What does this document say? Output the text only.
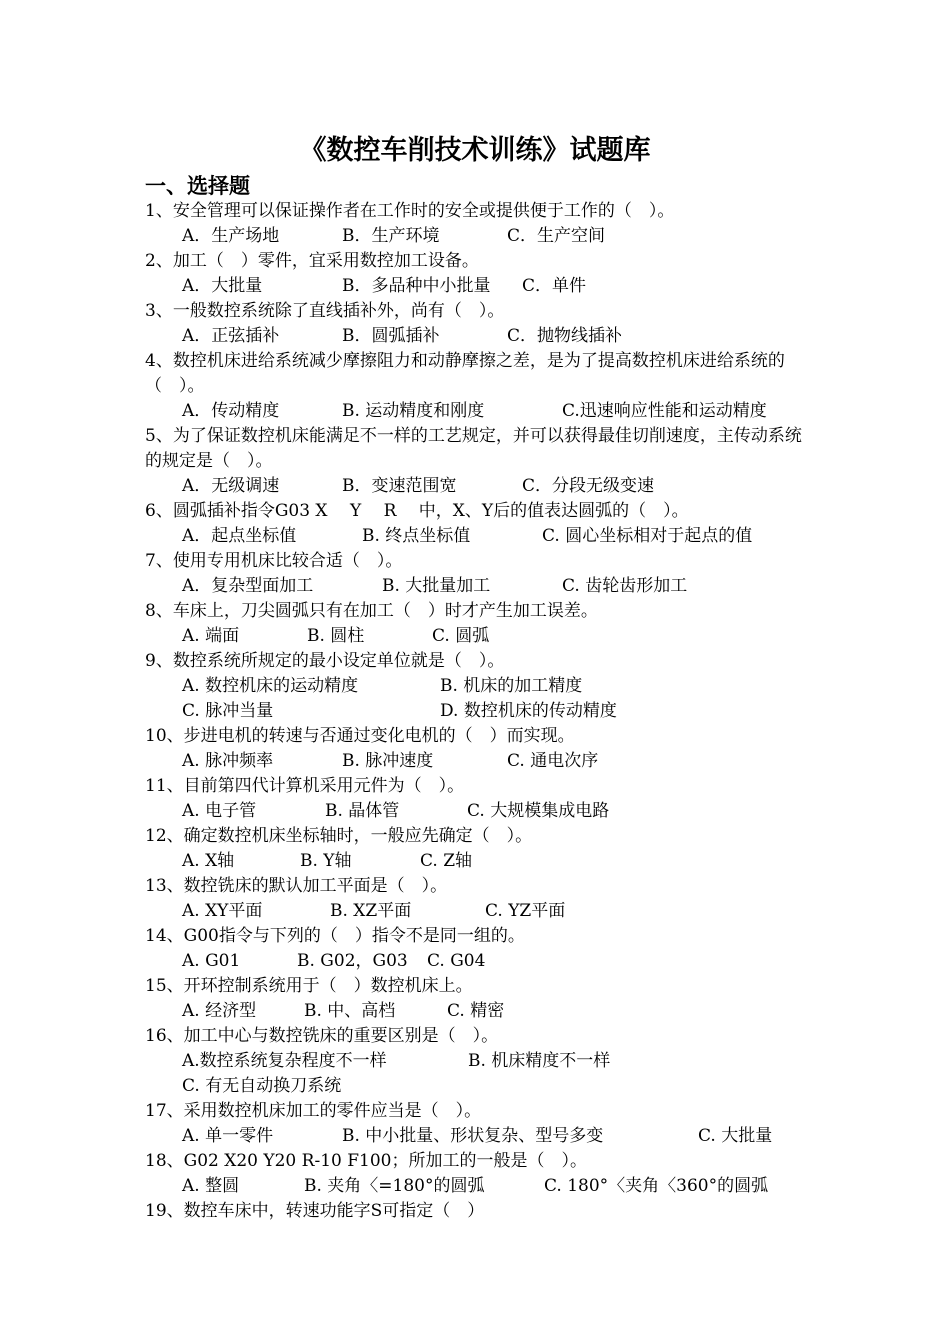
《数控车削技术训练》试题库
一、选择题

1、安全管理可以保证操作者在工作时的安全或提供便于工作的（　）。

A．生产场地	B．生产环境	C．生产空间

2、加工（　）零件，宜采用数控加工设备。

A．大批量	B．多品种中小批量	C．单件

3、一般数控系统除了直线插补外，尚有（　）。

A．正弦插补	B．圆弧插补	C．抛物线插补

4、数控机床进给系统减少摩擦阻力和动静摩擦之差，是为了提高数控机床进给系统的（　）。

A．传动精度	B. 运动精度和刚度	C.迅速响应性能和运动精度

5、为了保证数控机床能满足不一样的工艺规定，并可以获得最佳切削速度，主传动系统的规定是（　）。

A．无级调速	B．变速范围宽	C．分段无级变速

6、圆弧插补指令G03 X　 Y　 R　 中，X、Y后的值表达圆弧的（　）。

A．起点坐标值	B. 终点坐标值	C. 圆心坐标相对于起点的值

7、使用专用机床比较合适（　）。

A．复杂型面加工	B. 大批量加工	C. 齿轮齿形加工

8、车床上，刀尖圆弧只有在加工（　）时才产生加工误差。

A. 端面	B. 圆柱	C. 圆弧

9、数控系统所规定的最小设定单位就是（　）。

A. 数控机床的运动精度	B. 机床的加工精度
C. 脉冲当量	D. 数控机床的传动精度

10、步进电机的转速与否通过变化电机的（　）而实现。

A. 脉冲频率	B. 脉冲速度	C. 通电次序

11、目前第四代计算机采用元件为（　）。

A. 电子管	B. 晶体管	C. 大规模集成电路

12、确定数控机床坐标轴时，一般应先确定（　）。

A. X轴	B. Y轴	C. Z轴

13、数控铣床的默认加工平面是（　）。

A. XY平面	B. XZ平面	C. YZ平面

14、G00指令与下列的（　）指令不是同一组的。

A. G01	B. G02，G03	C. G04

15、开环控制系统用于（　）数控机床上。

A. 经济型	B. 中、高档	C. 精密

16、加工中心与数控铣床的重要区别是（　）。

A.数控系统复杂程度不一样	B. 机床精度不一样
C. 有无自动换刀系统

17、采用数控机床加工的零件应当是（　）。

A. 单一零件	B. 中小批量、形状复杂、型号多变	C. 大批量

18、G02 X20 Y20 R-10 F100；所加工的一般是（　）。

A. 整圆	B. 夹角〈=180°的圆弧	C. 180°〈夹角〈360°的圆弧

19、数控车床中，转速功能字S可指定（　）
